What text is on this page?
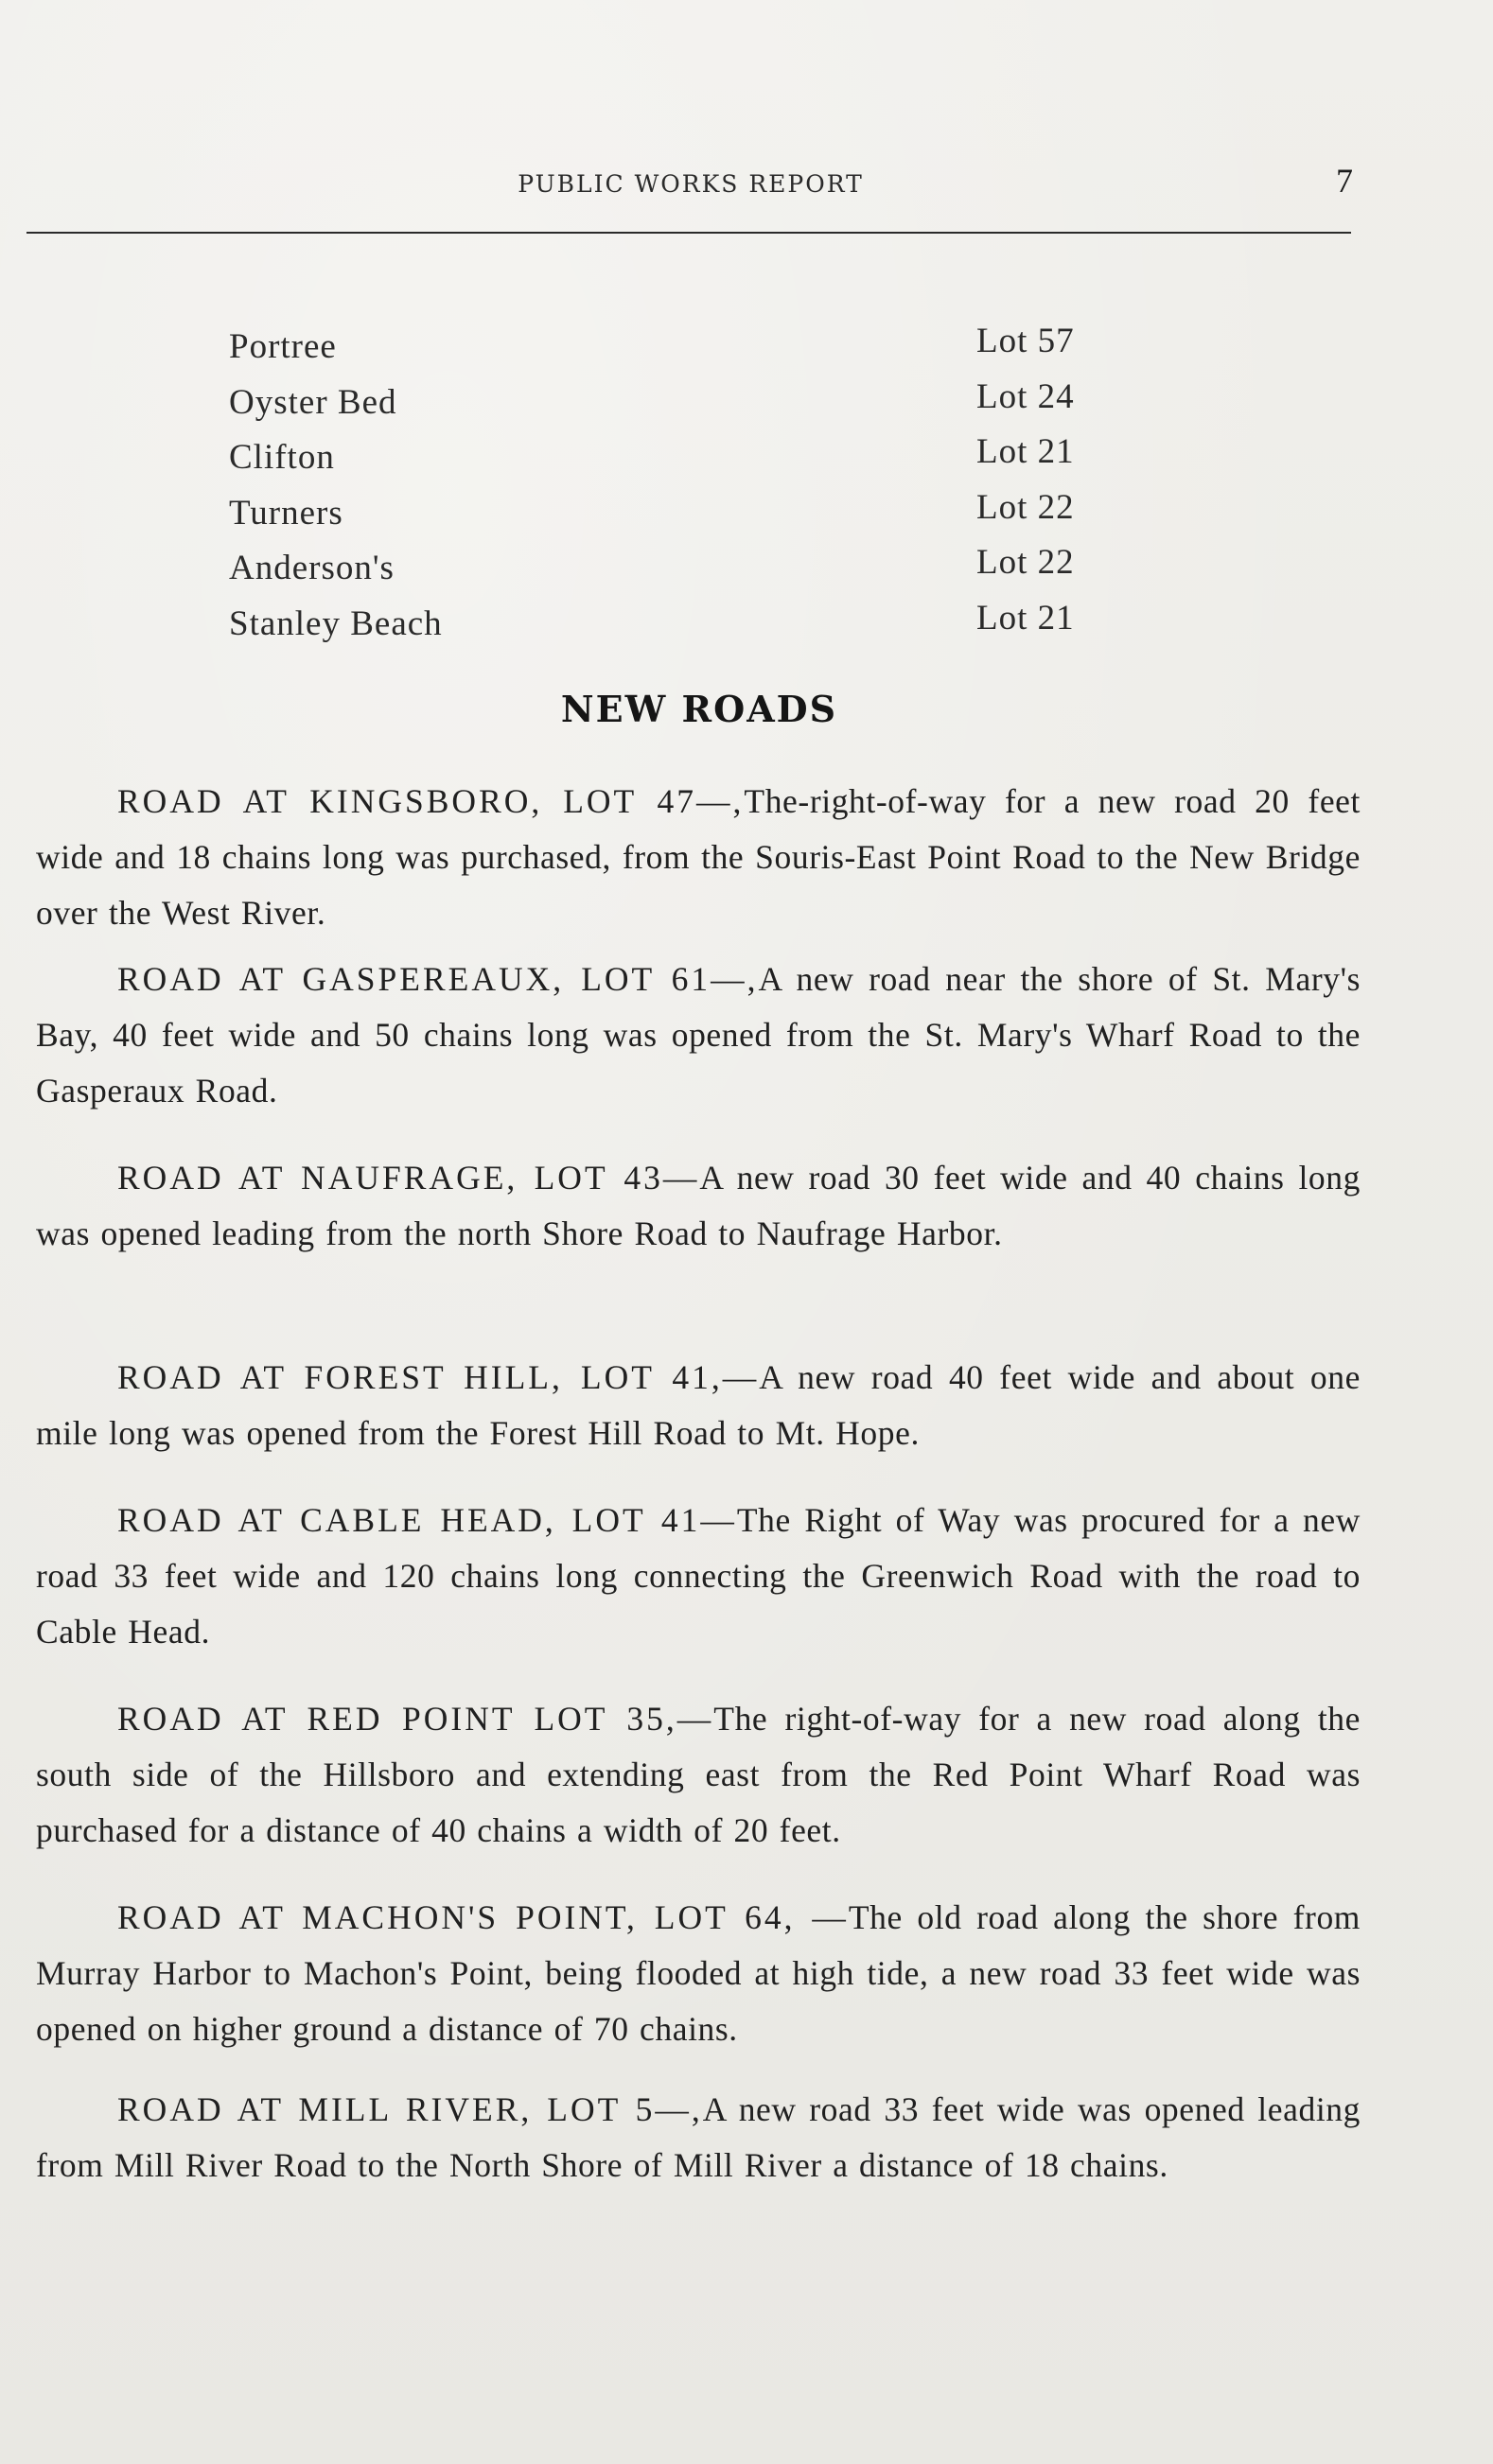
PUBLIC WORKS REPORT	7
Portree	Lot 57
Oyster Bed	Lot 24
Clifton	Lot 21
Turners	Lot 22
Anderson's	Lot 22
Stanley Beach	Lot 21
NEW ROADS

ROAD AT KINGSBORO, LOT 47—,The-right-of-way for a new road 20 feet wide and 18 chains long was purchased, from the Souris-East Point Road to the New Bridge over the West River.

ROAD AT GASPEREAUX, LOT 61—,A new road near the shore of St. Mary's Bay, 40 feet wide and 50 chains long was opened from the St. Mary's Wharf Road to the Gasperaux Road.

ROAD AT NAUFRAGE, LOT 43—A new road 30 feet wide and 40 chains long was opened leading from the north Shore Road to Naufrage Harbor.

ROAD AT FOREST HILL, LOT 41,—A new road 40 feet wide and about one mile long was opened from the Forest Hill Road to Mt. Hope.

ROAD AT CABLE HEAD, LOT 41—The Right of Way was procured for a new road 33 feet wide and 120 chains long connecting the Greenwich Road with the road to Cable Head.

ROAD AT RED POINT LOT 35,—The right-of-way for a new road along the south side of the Hillsboro and extending east from the Red Point Wharf Road was purchased for a distance of 40 chains a width of 20 feet.

ROAD AT MACHON'S POINT, LOT 64, —The old road along the shore from Murray Harbor to Machon's Point, being flooded at high tide, a new road 33 feet wide was opened on higher ground a distance of 70 chains.

ROAD AT MILL RIVER, LOT 5—,A new road 33 feet wide was opened leading from Mill River Road to the North Shore of Mill River a distance of 18 chains.
